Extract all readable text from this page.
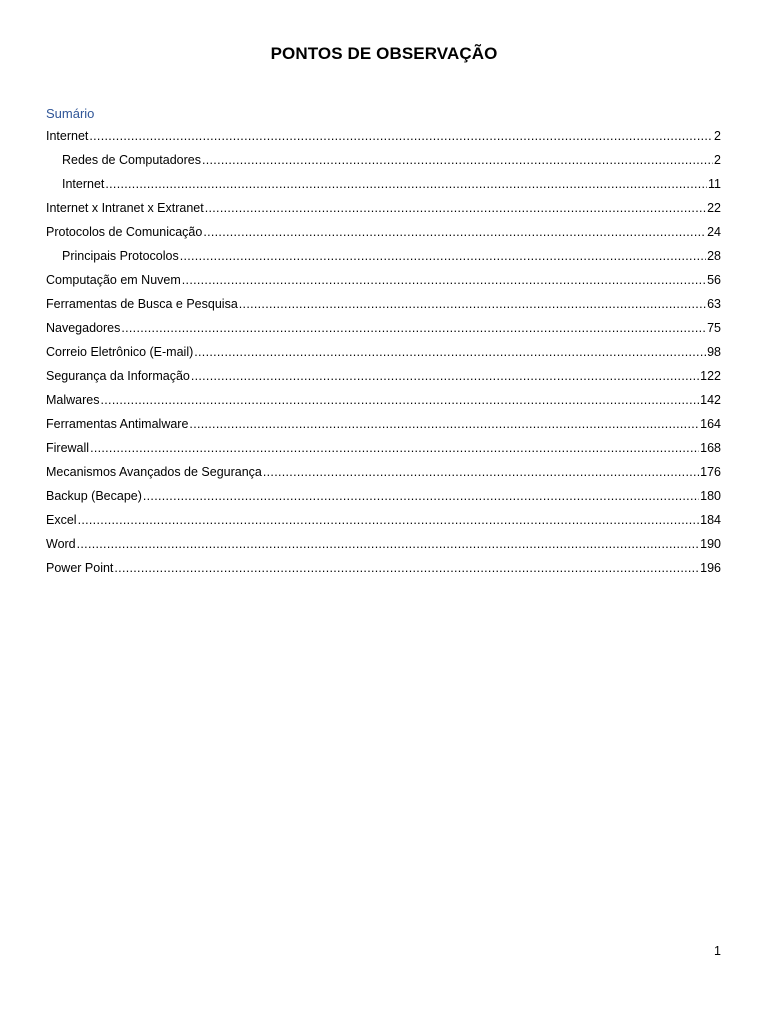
PONTOS DE OBSERVAÇÃO
Sumário
Internet .....	2
Redes de Computadores .....	2
Internet .....	11
Internet x Intranet x Extranet .....	22
Protocolos de Comunicação .....	24
Principais Protocolos .....	28
Computação em Nuvem .....	56
Ferramentas de Busca e Pesquisa .....	63
Navegadores .....	75
Correio Eletrônico (E-mail) .....	98
Segurança da Informação .....	122
Malwares .....	142
Ferramentas Antimalware .....	164
Firewall .....	168
Mecanismos Avançados de Segurança .....	176
Backup (Becape) .....	180
Excel .....	184
Word .....	190
Power Point .....	196
1
